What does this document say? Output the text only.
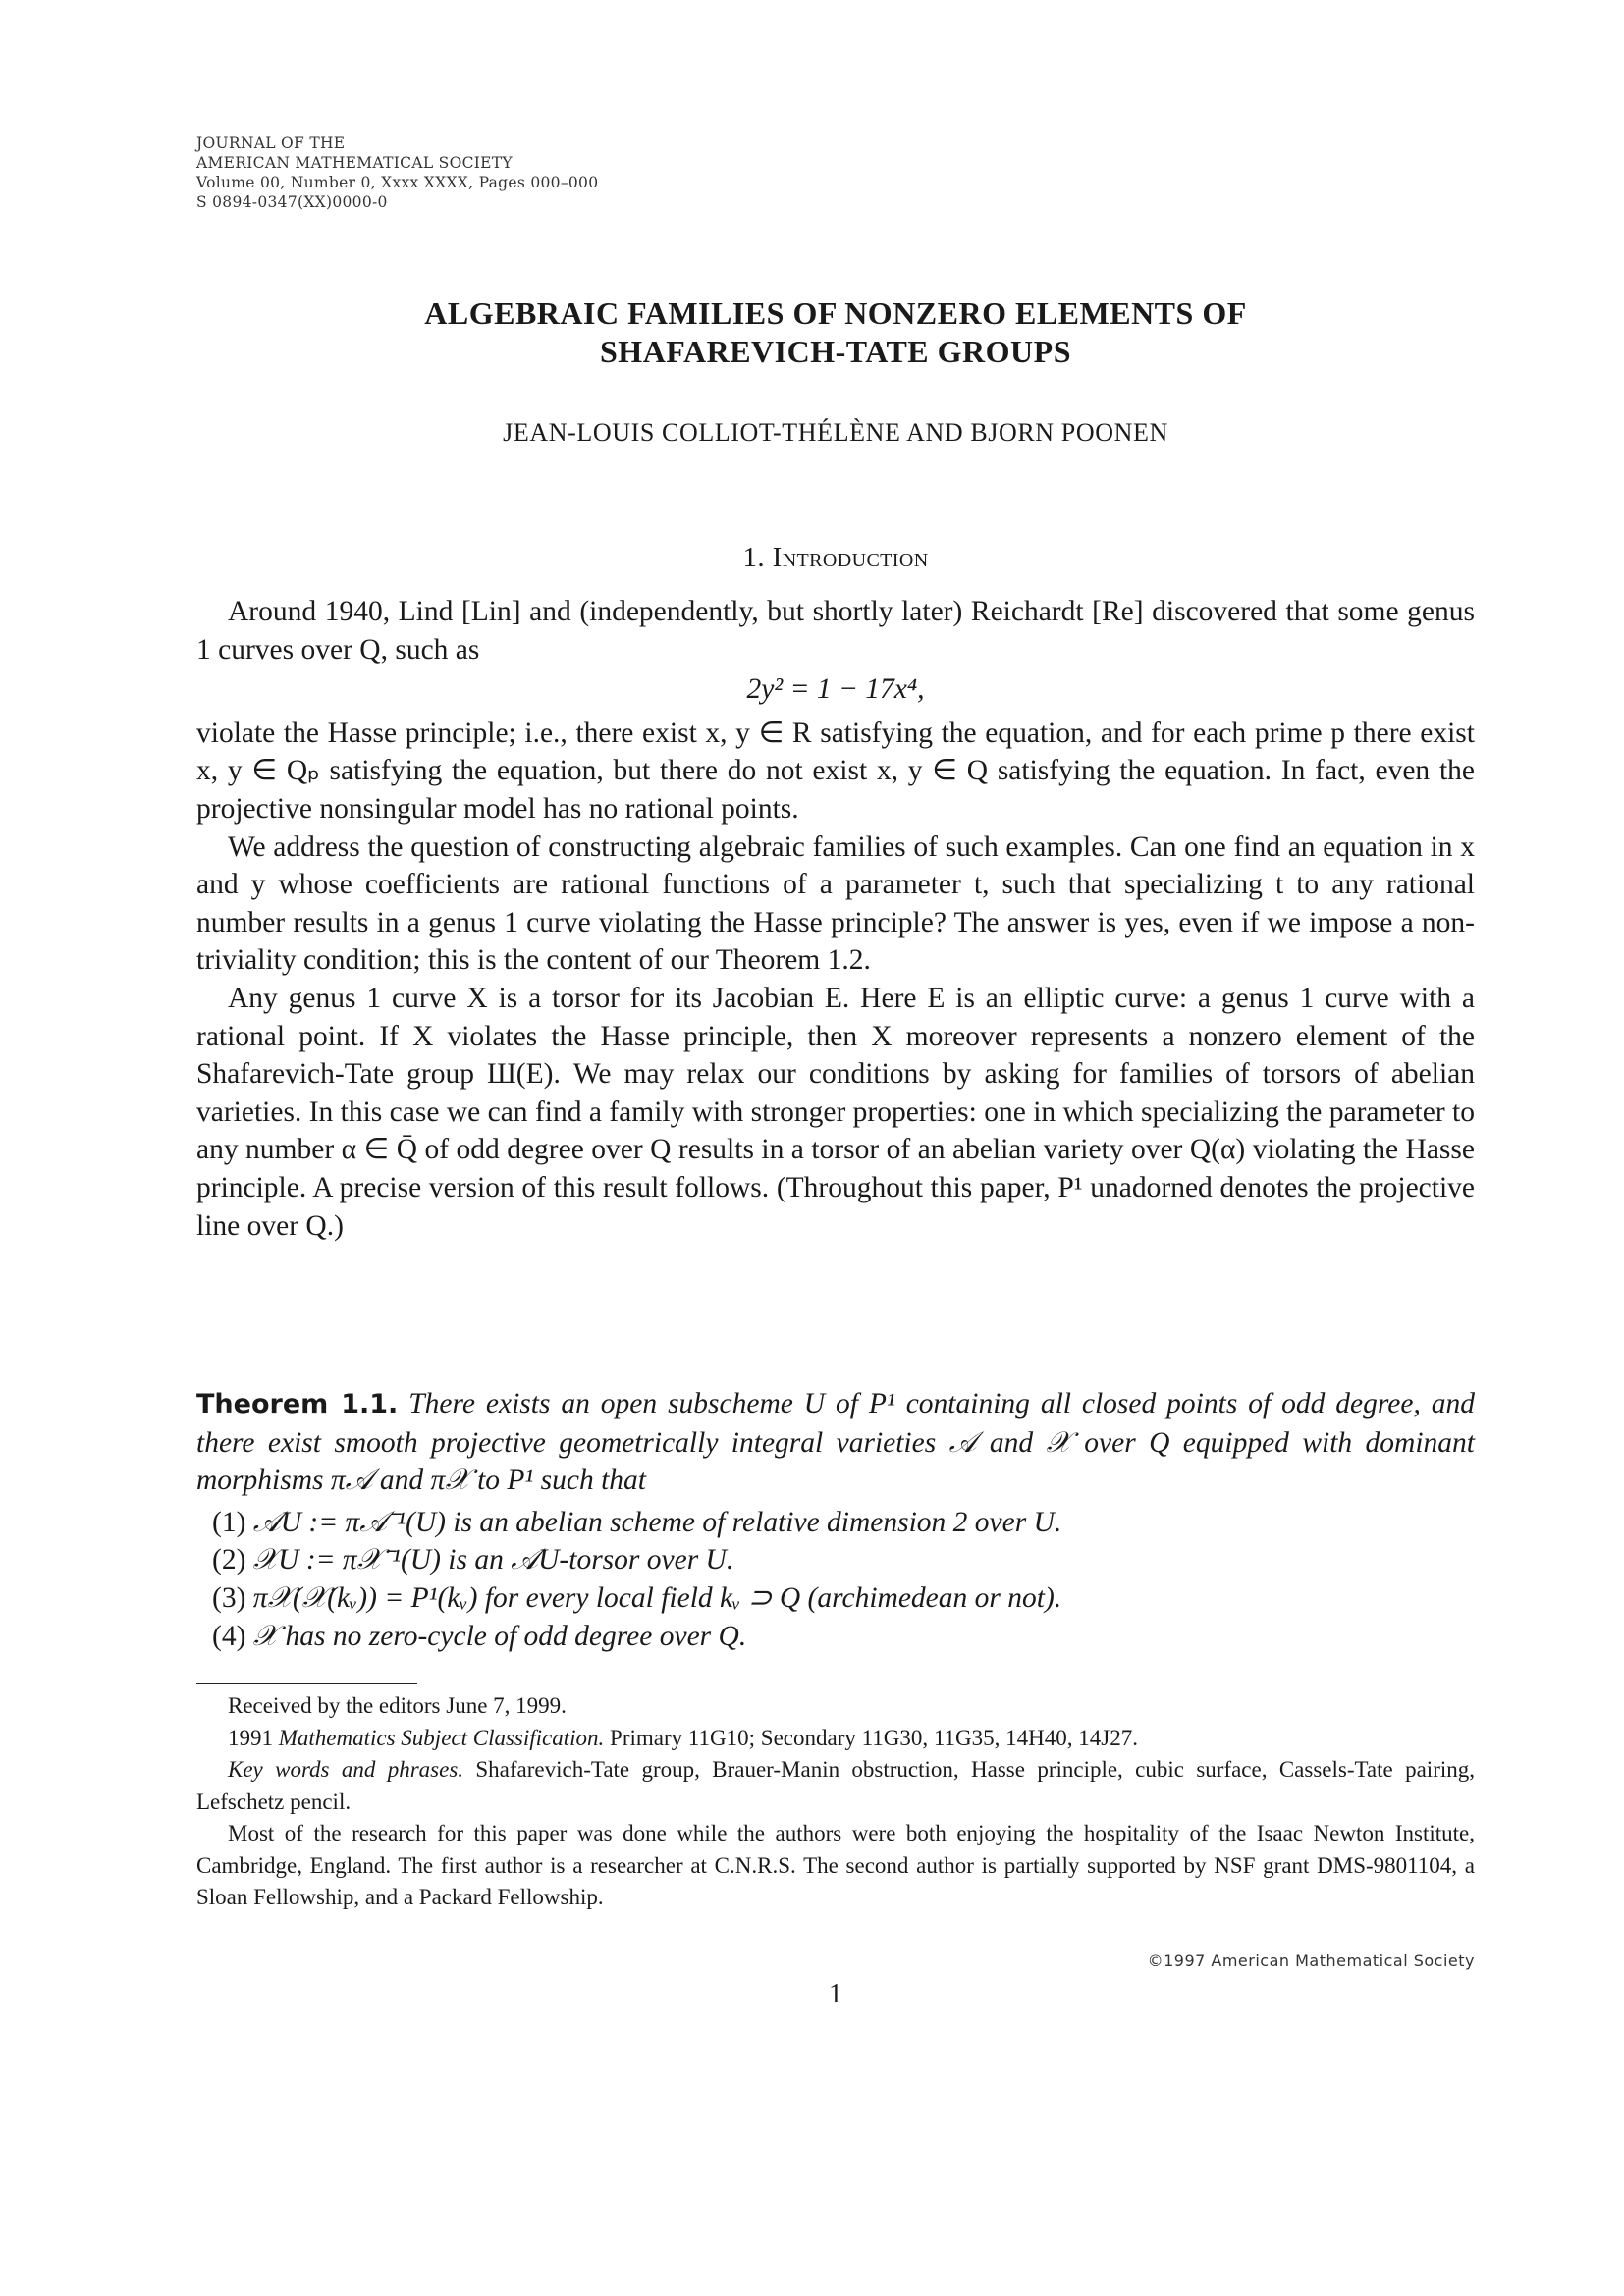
JOURNAL OF THE
AMERICAN MATHEMATICAL SOCIETY
Volume 00, Number 0, Xxxx XXXX, Pages 000–000
S 0894-0347(XX)0000-0
ALGEBRAIC FAMILIES OF NONZERO ELEMENTS OF
SHAFAREVICH-TATE GROUPS
JEAN-LOUIS COLLIOT-THÉLÈNE AND BJORN POONEN
1. Introduction
Around 1940, Lind [Lin] and (independently, but shortly later) Reichardt [Re] discovered that some genus 1 curves over Q, such as
2y² = 1 − 17x⁴,
violate the Hasse principle; i.e., there exist x, y ∈ R satisfying the equation, and for each prime p there exist x, y ∈ Qₚ satisfying the equation, but there do not exist x, y ∈ Q satisfying the equation. In fact, even the projective nonsingular model has no rational points.
We address the question of constructing algebraic families of such examples. Can one find an equation in x and y whose coefficients are rational functions of a parameter t, such that specializing t to any rational number results in a genus 1 curve violating the Hasse principle? The answer is yes, even if we impose a non-triviality condition; this is the content of our Theorem 1.2.
Any genus 1 curve X is a torsor for its Jacobian E. Here E is an elliptic curve: a genus 1 curve with a rational point. If X violates the Hasse principle, then X moreover represents a nonzero element of the Shafarevich-Tate group Ш(E). We may relax our conditions by asking for families of torsors of abelian varieties. In this case we can find a family with stronger properties: one in which specializing the parameter to any number α ∈ Q̄ of odd degree over Q results in a torsor of an abelian variety over Q(α) violating the Hasse principle. A precise version of this result follows. (Throughout this paper, P¹ unadorned denotes the projective line over Q.)
Theorem 1.1. There exists an open subscheme U of P¹ containing all closed points of odd degree, and there exist smooth projective geometrically integral varieties 𝒜 and 𝒳 over Q equipped with dominant morphisms π𝒜 and π𝒳 to P¹ such that
(1) 𝒜U := π𝒜⁻¹(U) is an abelian scheme of relative dimension 2 over U.
(2) 𝒳U := π𝒳⁻¹(U) is an 𝒜U-torsor over U.
(3) π𝒳(𝒳(kᵥ)) = P¹(kᵥ) for every local field kᵥ ⊃ Q (archimedean or not).
(4) 𝒳 has no zero-cycle of odd degree over Q.
Received by the editors June 7, 1999.
1991 Mathematics Subject Classification. Primary 11G10; Secondary 11G30, 11G35, 14H40, 14J27.
Key words and phrases. Shafarevich-Tate group, Brauer-Manin obstruction, Hasse principle, cubic surface, Cassels-Tate pairing, Lefschetz pencil.
Most of the research for this paper was done while the authors were both enjoying the hospitality of the Isaac Newton Institute, Cambridge, England. The first author is a researcher at C.N.R.S. The second author is partially supported by NSF grant DMS-9801104, a Sloan Fellowship, and a Packard Fellowship.
©1997 American Mathematical Society
1
